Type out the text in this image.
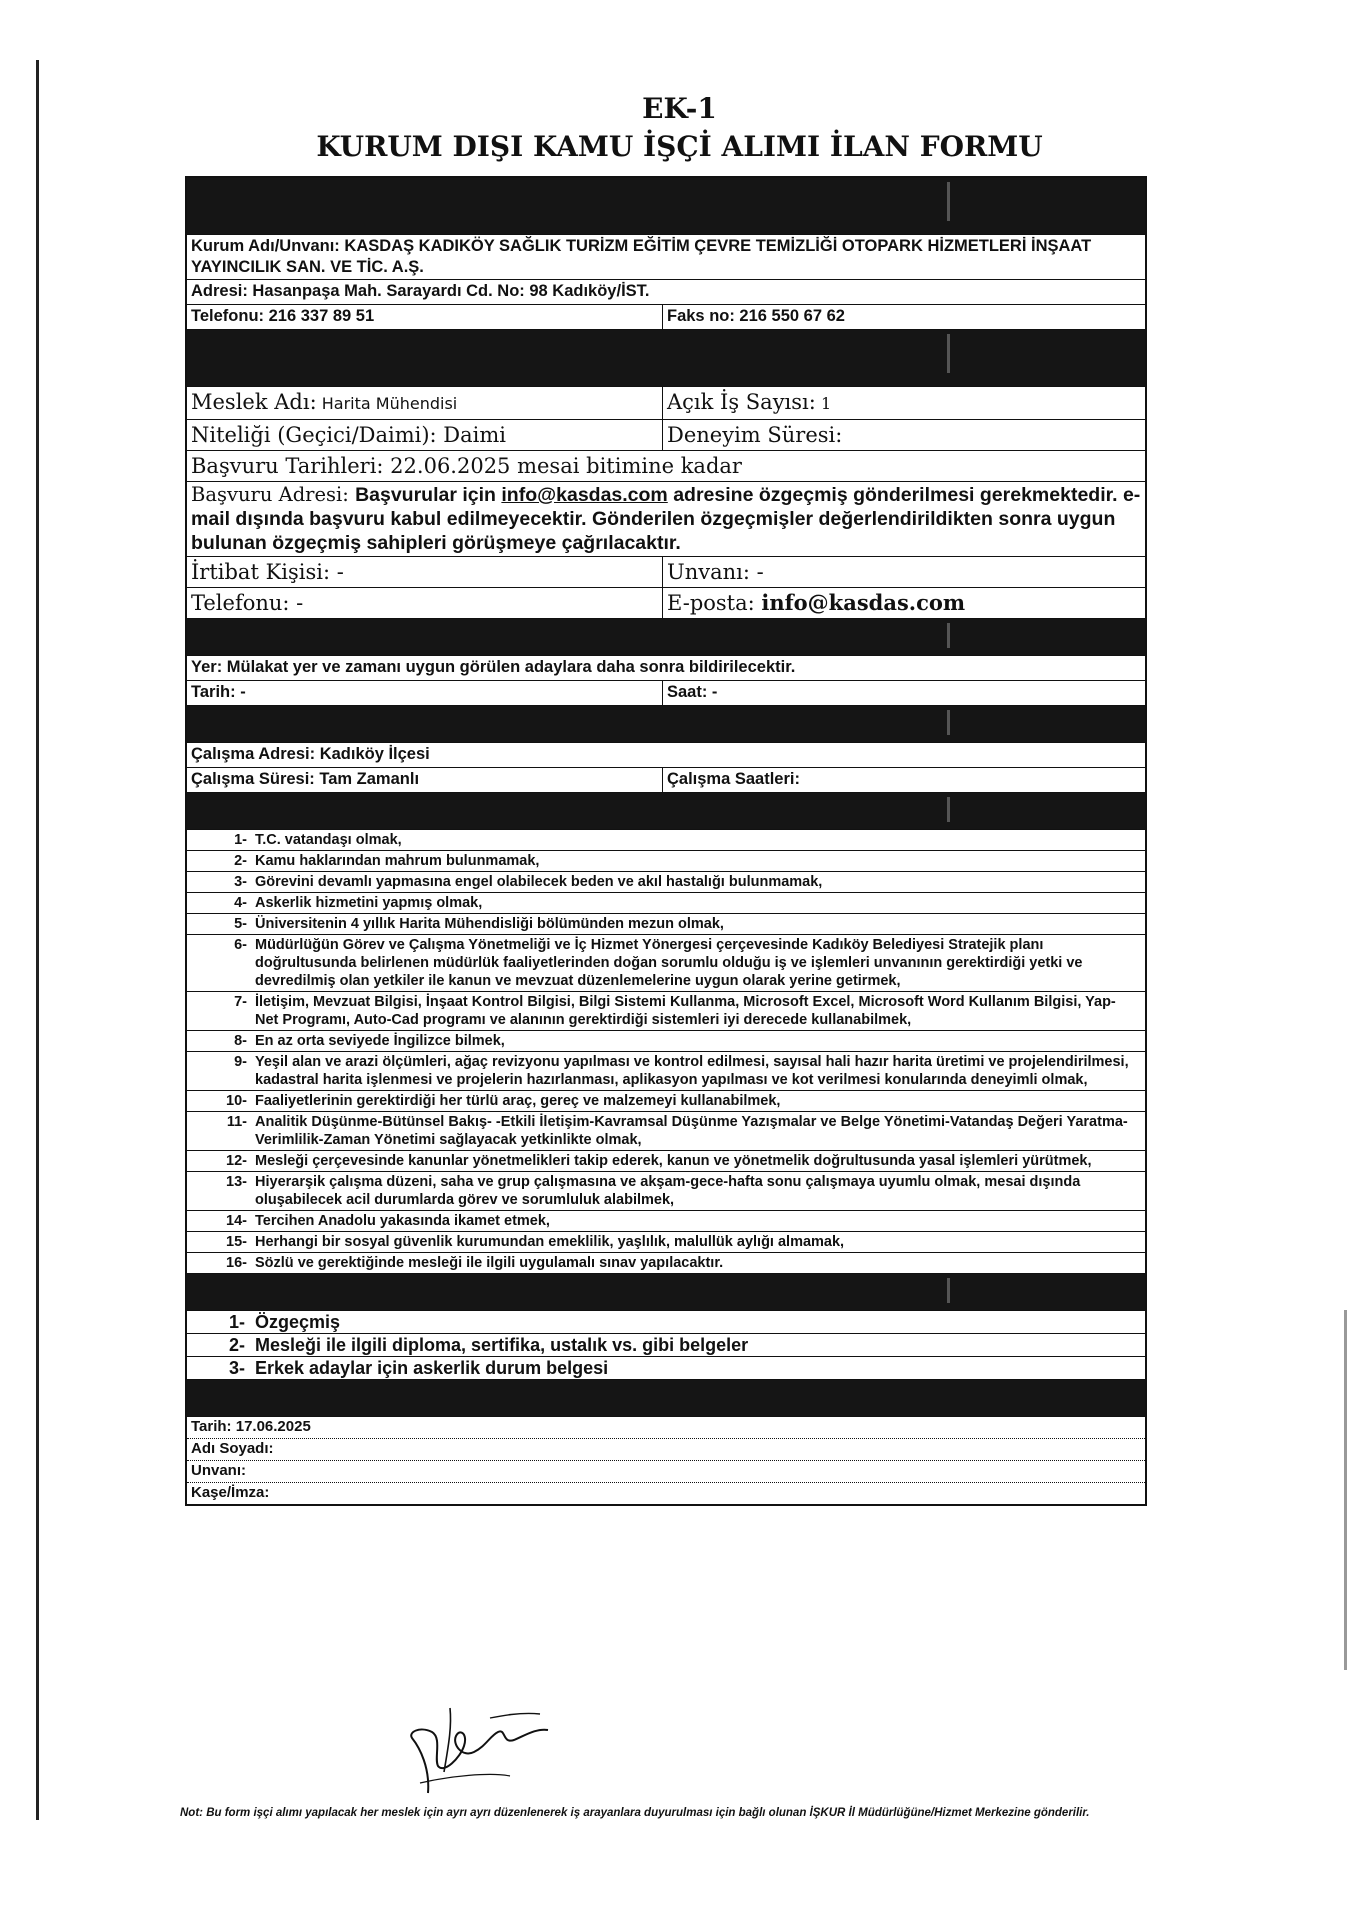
EK-1
KURUM DIŞI KAMU İŞÇİ ALIMI İLAN FORMU
Kurum Adı/Unvanı: KASDAŞ KADIKÖY SAĞLIK TURİZM EĞİTİM ÇEVRE TEMİZLİĞİ OTOPARK HİZMETLERİ İNŞAAT YAYINCILIK SAN. VE TİC. A.Ş.
Adresi: Hasanpaşa Mah. Sarayardı Cd. No: 98 Kadıköy/İST.
Telefonu: 216 337 89 51	Faks no: 216 550 67 62
Meslek Adı: Harita Mühendisi	Açık İş Sayısı: 1
Niteliği (Geçici/Daimi): Daimi	Deneyim Süresi:
Başvuru Tarihleri: 22.06.2025 mesai bitimine kadar
Başvuru Adresi: Başvurular için info@kasdas.com adresine özgeçmiş gönderilmesi gerekmektedir. e-mail dışında başvuru kabul edilmeyecektir. Gönderilen özgeçmişler değerlendirildikten sonra uygun bulunan özgeçmiş sahipleri görüşmeye çağrılacaktır.
İrtibat Kişisi: -	Unvanı: -
Telefonu: -	E-posta: info@kasdas.com
Yer: Mülakat yer ve zamanı uygun görülen adaylara daha sonra bildirilecektir.
Tarih: -	Saat: -
Çalışma Adresi: Kadıköy İlçesi
Çalışma Süresi: Tam Zamanlı	Çalışma Saatleri:
1- T.C. vatandaşı olmak,
2- Kamu haklarından mahrum bulunmamak,
3- Görevini devamlı yapmasına engel olabilecek beden ve akıl hastalığı bulunmamak,
4- Askerlik hizmetini yapmış olmak,
5- Üniversitenin 4 yıllık Harita Mühendisliği bölümünden mezun olmak,
6- Müdürlüğün Görev ve Çalışma Yönetmeliği ve İç Hizmet Yönergesi çerçevesinde Kadıköy Belediyesi Stratejik planı doğrultusunda belirlenen müdürlük faaliyetlerinden doğan sorumlu olduğu iş ve işlemleri unvanının gerektirdiği yetki ve devredilmiş olan yetkiler ile kanun ve mevzuat düzenlemelerine uygun olarak yerine getirmek,
7- İletişim, Mevzuat Bilgisi, İnşaat Kontrol Bilgisi, Bilgi Sistemi Kullanma, Microsoft Excel, Microsoft Word Kullanım Bilgisi, Yap-Net Programı, Auto-Cad programı ve alanının gerektirdiği sistemleri iyi derecede kullanabilmek,
8- En az orta seviyede İngilizce bilmek,
9- Yeşil alan ve arazi ölçümleri, ağaç revizyonu yapılması ve kontrol edilmesi, sayısal hali hazır harita üretimi ve projelendirilmesi, kadastral harita işlenmesi ve projelerin hazırlanması, aplikasyon yapılması ve kot verilmesi konularında deneyimli olmak,
10- Faaliyetlerinin gerektirdiği her türlü araç, gereç ve malzemeyi kullanabilmek,
11- Analitik Düşünme-Bütünsel Bakış- -Etkili İletişim-Kavramsal Düşünme Yazışmalar ve Belge Yönetimi-Vatandaş Değeri Yaratma-Verimlilik-Zaman Yönetimi sağlayacak yetkinlikte olmak,
12- Mesleği çerçevesinde kanunlar yönetmelikleri takip ederek, kanun ve yönetmelik doğrultusunda yasal işlemleri yürütmek,
13- Hiyerarşik çalışma düzeni, saha ve grup çalışmasına ve akşam-gece-hafta sonu çalışmaya uyumlu olmak, mesai dışında oluşabilecek acil durumlarda görev ve sorumluluk alabilmek,
14- Tercihen Anadolu yakasında ikamet etmek,
15- Herhangi bir sosyal güvenlik kurumundan emeklilik, yaşlılık, malullük aylığı almamak,
16- Sözlü ve gerektiğinde mesleği ile ilgili uygulamalı sınav yapılacaktır.
1- Özgeçmiş
2- Mesleği ile ilgili diploma, sertifika, ustalık vs. gibi belgeler
3- Erkek adaylar için askerlik durum belgesi
Tarih: 17.06.2025
Adı Soyadı:
Unvanı:
Kaşe/İmza:
Not: Bu form işçi alımı yapılacak her meslek için ayrı ayrı düzenlenerek iş arayanlara duyurulması için bağlı olunan İŞKUR İl Müdürlüğüne/Hizmet Merkezine gönderilir.
